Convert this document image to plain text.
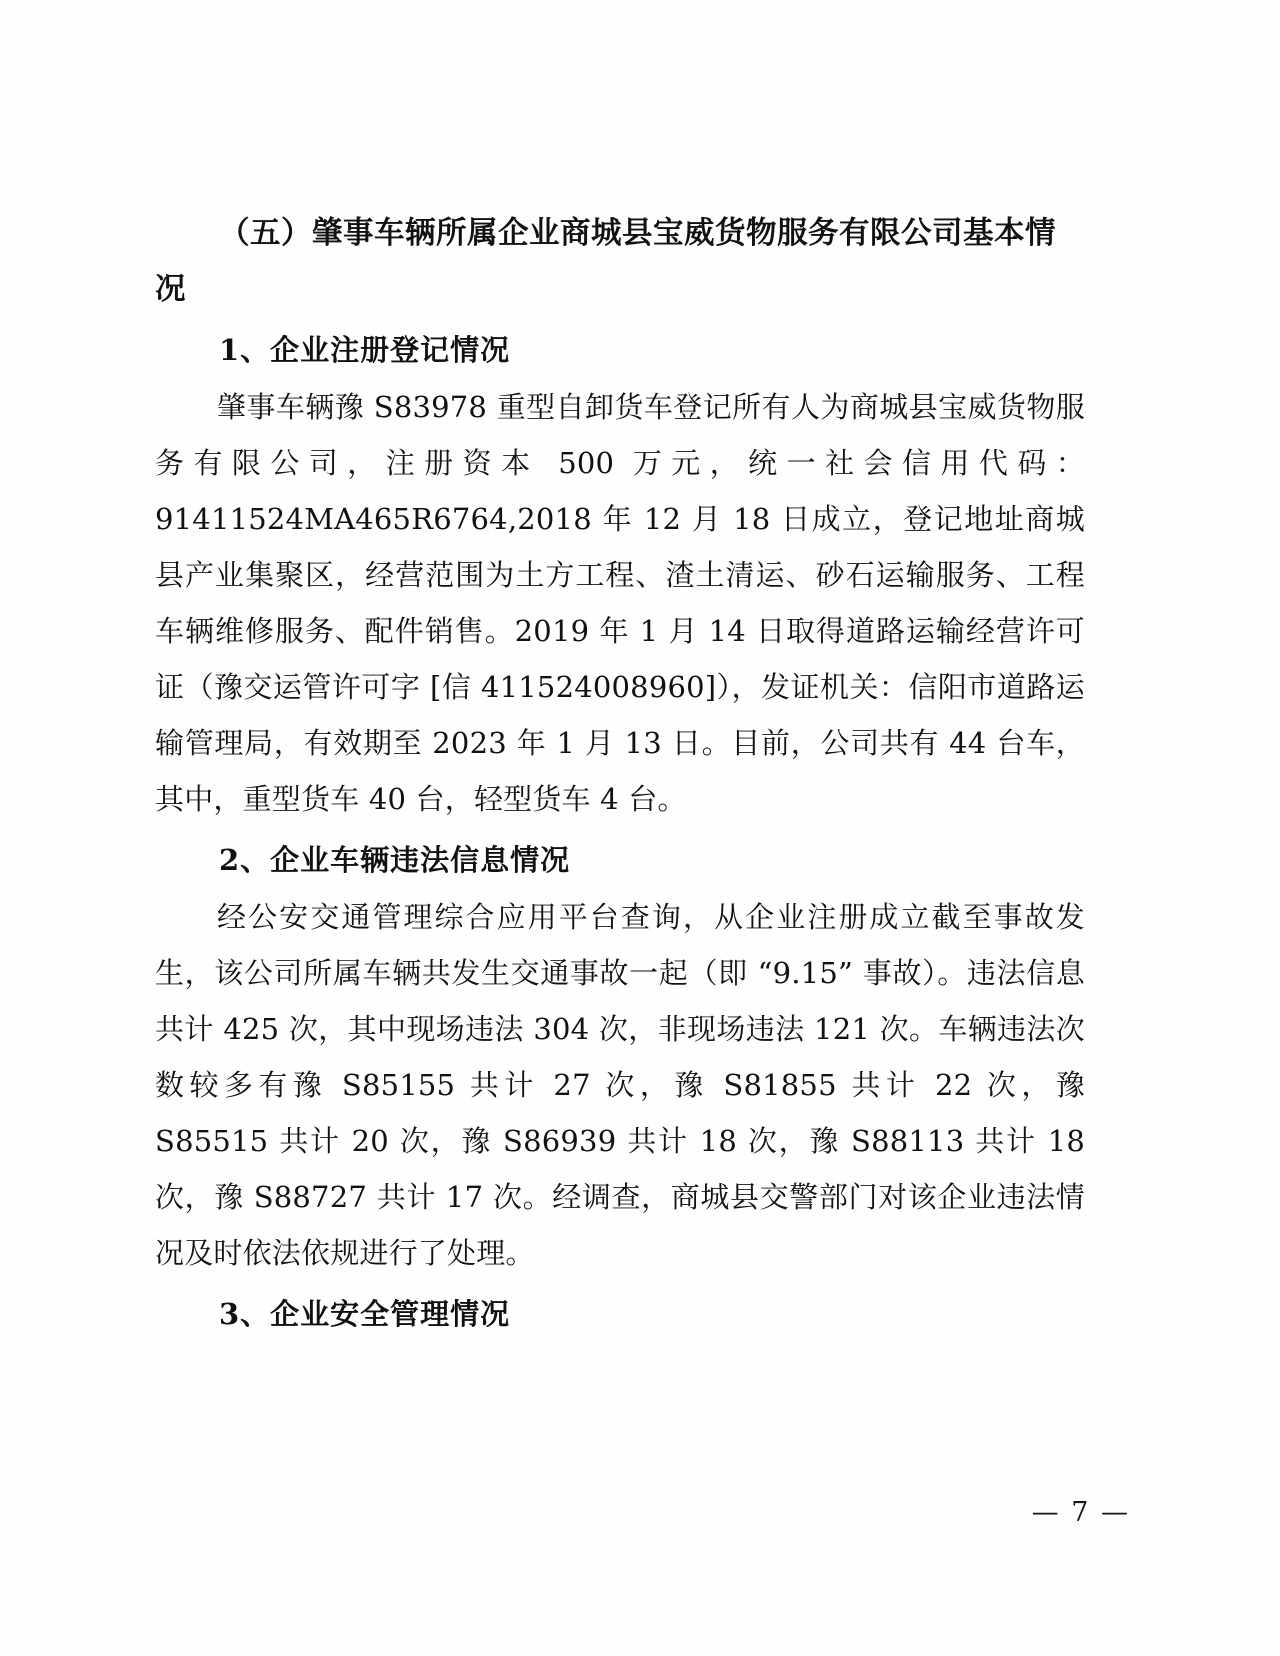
（五）肇事车辆所属企业商城县宝威货物服务有限公司基本情况
1、企业注册登记情况

肇事车辆豫 S83978 重型自卸货车登记所有人为商城县宝威货物服务有限公司，注册资本 500 万元，统一社会信用代码：91411524MA465R6764,2018 年 12 月 18 日成立，登记地址商城县产业集聚区，经营范围为土方工程、渣土清运、砂石运输服务、工程车辆维修服务、配件销售。2019 年 1 月 14 日取得道路运输经营许可证（豫交运管许可字 [信 411524008960]），发证机关：信阳市道路运输管理局，有效期至 2023 年 1 月 13 日。目前，公司共有 44 台车，其中，重型货车 40 台，轻型货车 4 台。

2、企业车辆违法信息情况

经公安交通管理综合应用平台查询，从企业注册成立截至事故发生，该公司所属车辆共发生交通事故一起（即 “9.15” 事故）。违法信息共计 425 次，其中现场违法 304 次，非现场违法 121 次。车辆违法次数较多有豫 S85155 共计 27 次，豫 S81855 共计 22 次，豫 S85515 共计 20 次，豫 S86939 共计 18 次，豫 S88113 共计 18 次，豫 S88727 共计 17 次。经调查，商城县交警部门对该企业违法情况及时依法依规进行了处理。

3、企业安全管理情况
— 7 —
